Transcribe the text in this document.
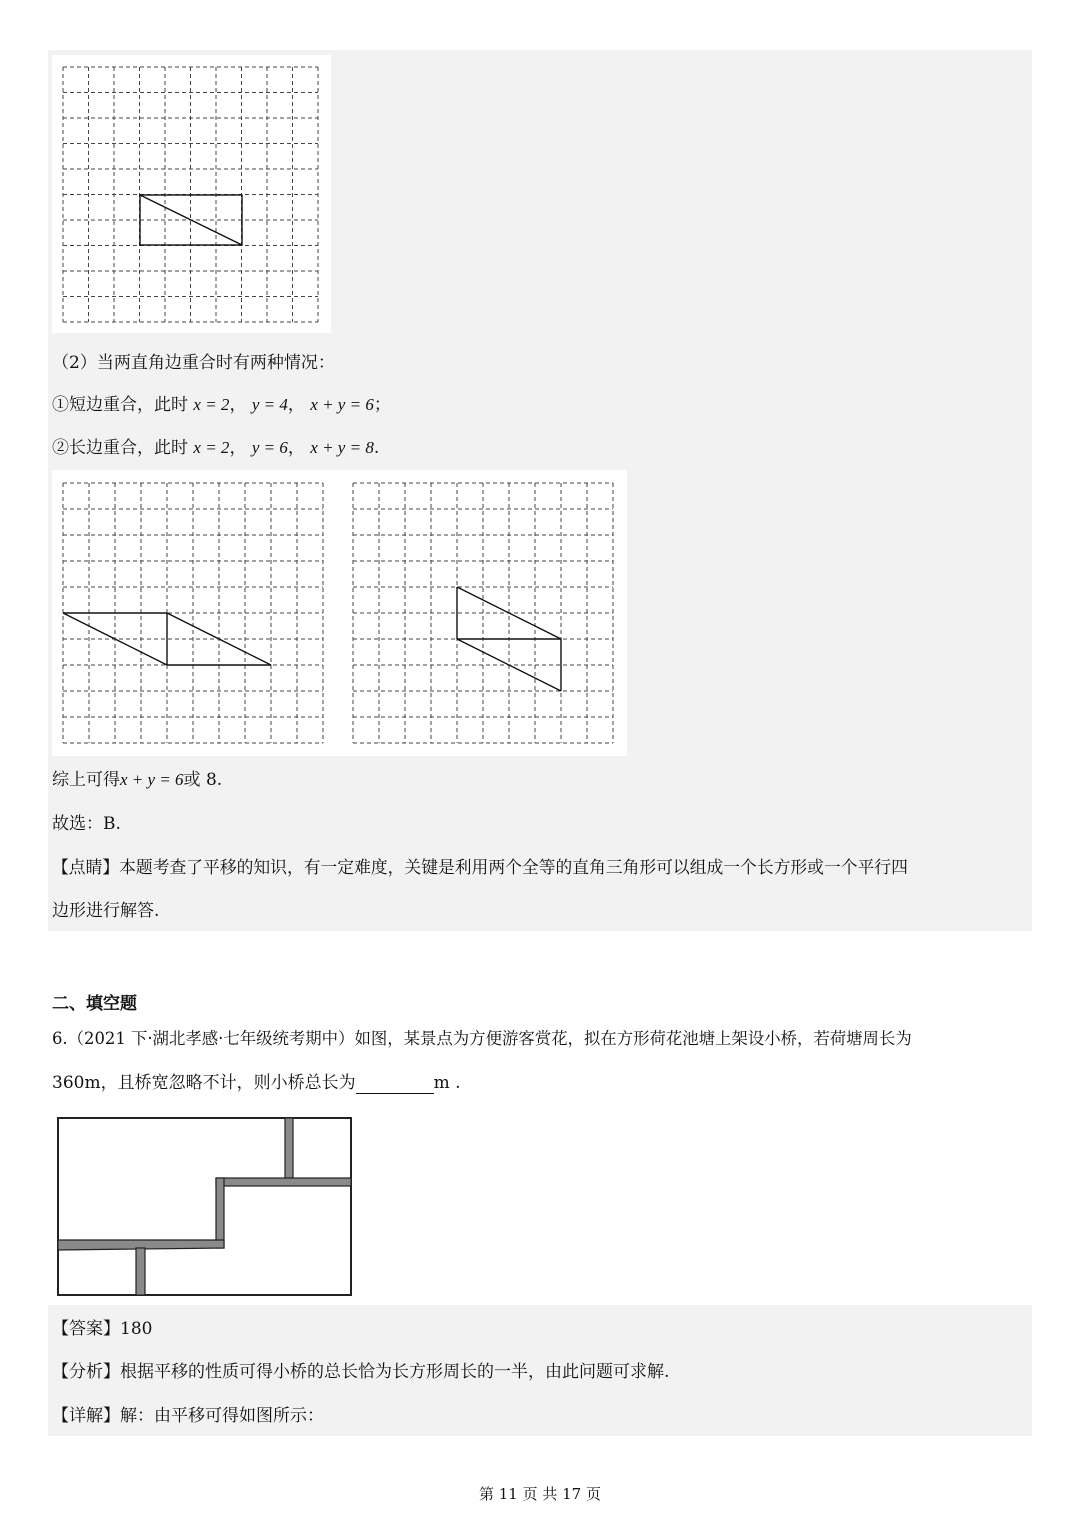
（2）当两直角边重合时有两种情况：
①短边重合，此时 x = 2， y = 4， x + y = 6；
②长边重合，此时 x = 2， y = 6， x + y = 8.
综上可得x + y = 6或 8.
故选：B.
【点睛】本题考查了平移的知识，有一定难度，关键是利用两个全等的直角三角形可以组成一个长方形或一个平行四
边形进行解答.
二、填空题
6.（2021 下·湖北孝感·七年级统考期中）如图，某景点为方便游客赏花，拟在方形荷花池塘上架设小桥，若荷塘周长为
360m，且桥宽忽略不计，则小桥总长为	m .
【答案】180
【分析】根据平移的性质可得小桥的总长恰为长方形周长的一半，由此问题可求解.
【详解】解：由平移可得如图所示：
第 11 页 共 17 页
